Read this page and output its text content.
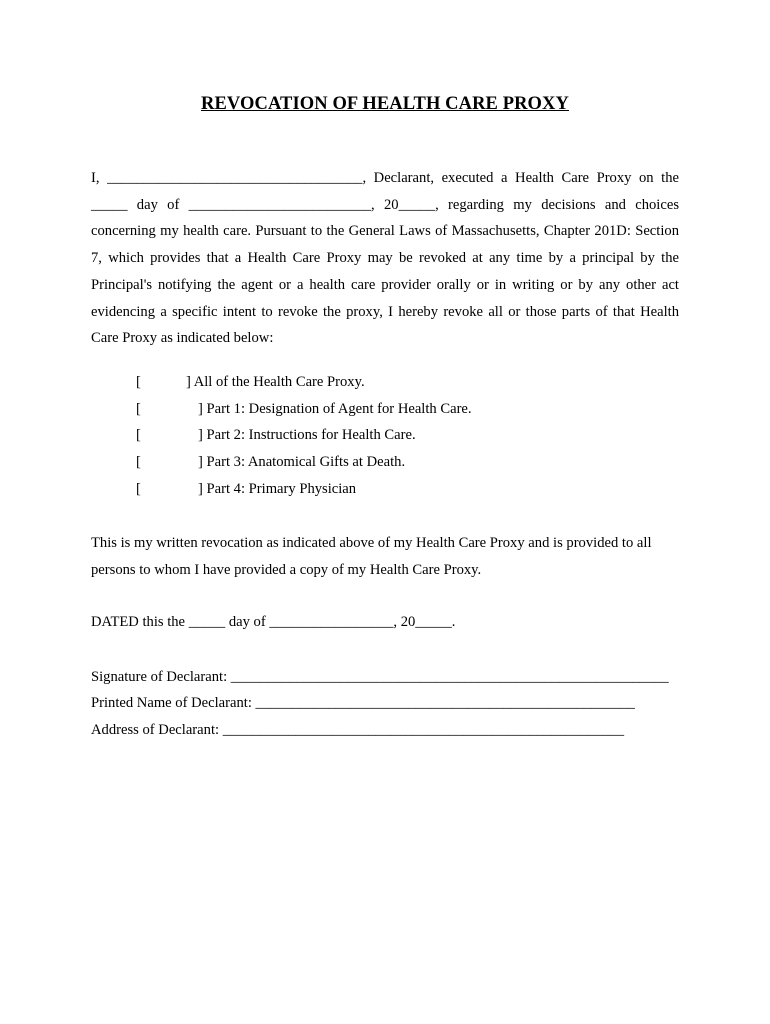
REVOCATION OF HEALTH CARE PROXY
I, ___________________________________, Declarant, executed a Health Care Proxy on the _____ day of _________________________, 20_____, regarding my decisions and choices concerning my health care. Pursuant to the General Laws of Massachusetts, Chapter 201D: Section 7, which provides that a Health Care Proxy may be revoked at any time by a principal by the Principal's notifying the agent or a health care provider orally or in writing or by any other act evidencing a specific intent to revoke the proxy, I hereby revoke all or those parts of that Health Care Proxy as indicated below:

[

	] All of the Health Care Proxy.

[

	] Part 1: Designation of Agent for Health Care.

[

	] Part 2: Instructions for Health Care.

[

	] Part 3: Anatomical Gifts at Death.

[

	] Part 4: Primary Physician

This is my written revocation as indicated above of my Health Care Proxy and is provided to all persons to whom I have provided a copy of my Health Care Proxy.
DATED this the _____ day of _________________, 20_____.
Signature of Declarant: ____________________________________________________________
Printed Name of Declarant: ____________________________________________________
Address of Declarant: _______________________________________________________
